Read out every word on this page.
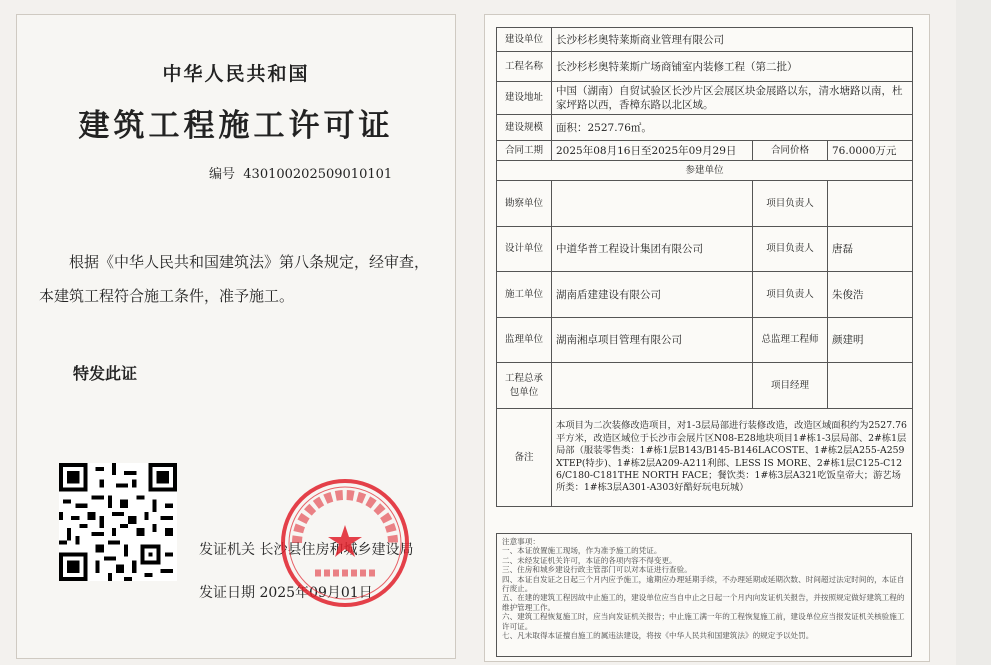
中华人民共和国
建筑工程施工许可证
编号 430100202509010101
根据《中华人民共和国建筑法》第八条规定，经审查，本建筑工程符合施工条件，准予施工。
特发此证
发证机关 长沙县住房和城乡建设局
发证日期 2025年09月01日
建设单位	长沙杉杉奥特莱斯商业管理有限公司		
工程名称	长沙杉杉奥特莱斯广场商铺室内装修工程（第二批）		
建设地址	中国（湖南）自贸试验区长沙片区会展区块金展路以东，清水塘路以南，杜家坪路以西，香樟东路以北区域。		
建设规模	面积：2527.76㎡。		
合同工期	2025年08月16日至2025年09月29日	合同价格	76.0000万元
参建单位			
勘察单位		项目负责人	
设计单位	中道华普工程设计集团有限公司	项目负责人	唐磊
施工单位	湖南盾建建设有限公司	项目负责人	朱俊浩
监理单位	湖南湘卓项目管理有限公司	总监理工程师	颜建明
工程总承包单位		项目经理	
备注	本项目为二次装修改造项目，对1-3层局部进行装修改造，改造区域面积约为2527.76平方米，改造区域位于长沙市会展片区N08-E28地块项目1#栋1-3层局部、2#栋1层局部（服装零售类：1#栋1层B143/B145-B146LACOSTE、1#栋2层A255-A259XTEP(特步)、1#栋2层A209-A211利郎、LESS IS MORE、2#栋1层C125-C126/C180-C181THE NORTH FACE；餐饮类：1#栋3层A321吃饭皇帝大；游艺场所类：1#栋3层A301-A303好酷好玩电玩城）		
注意事项：
一、本证放置施工现场，作为准予施工的凭证。
二、未经发证机关许可，本证的各项内容不得变更。
三、住房和城乡建设行政主管部门可以对本证进行查验。
四、本证自发证之日起三个月内应予施工，逾期应办理延期手续，不办理延期或延期次数、时间超过法定时间的，本证自行废止。
五、在建的建筑工程因故中止施工的，建设单位应当自中止之日起一个月内向发证机关报告，并按照规定做好建筑工程的维护管理工作。
六、建筑工程恢复施工时，应当向发证机关报告；中止施工满一年的工程恢复施工前，建设单位应当报发证机关核验施工许可证。
七、凡未取得本证擅自施工的属违法建设，将按《中华人民共和国建筑法》的规定予以处罚。
